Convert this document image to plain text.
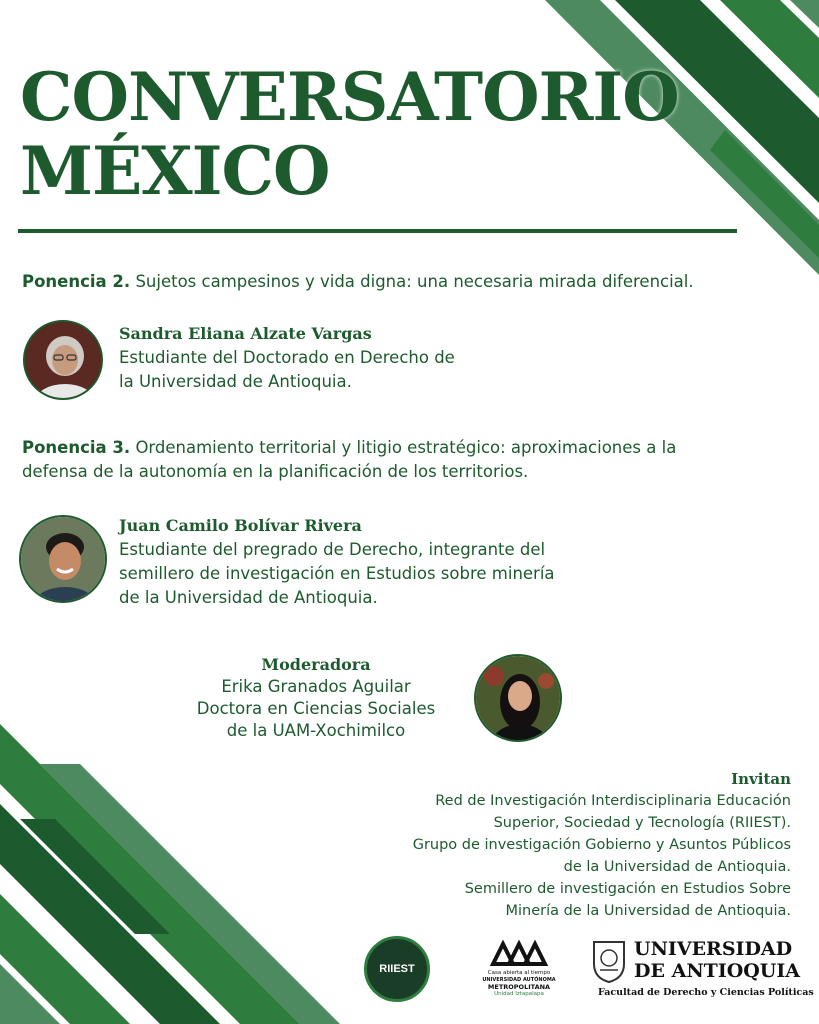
CONVERSATORIO
MÉXICO
Ponencia 2. Sujetos campesinos y vida digna: una necesaria mirada diferencial.
Sandra Eliana Alzate Vargas
Estudiante del Doctorado en Derecho de
la Universidad de Antioquia.
Ponencia 3. Ordenamiento territorial y litigio estratégico: aproximaciones a la
defensa de la autonomía en la planificación de los territorios.
Juan Camilo Bolívar Rivera
Estudiante del pregrado de Derecho, integrante del
semillero de investigación en Estudios sobre minería
de la Universidad de Antioquia.
Moderadora
Erika Granados Aguilar
Doctora en Ciencias Sociales
de la UAM-Xochimilco
Invitan
Red de Investigación Interdisciplinaria Educación
Superior, Sociedad y Tecnología (RIIEST).
Grupo de investigación Gobierno y Asuntos Públicos
de la Universidad de Antioquia.
Semillero de investigación en Estudios Sobre
Minería de la Universidad de Antioquia.
RIIEST	Casa abierta al tiempo
UNIVERSIDAD AUTÓNOMA
METROPOLITANA
Unidad Iztapalapa
UNIVERSIDAD
DE ANTIOQUIA
Facultad de Derecho y Ciencias Políticas
